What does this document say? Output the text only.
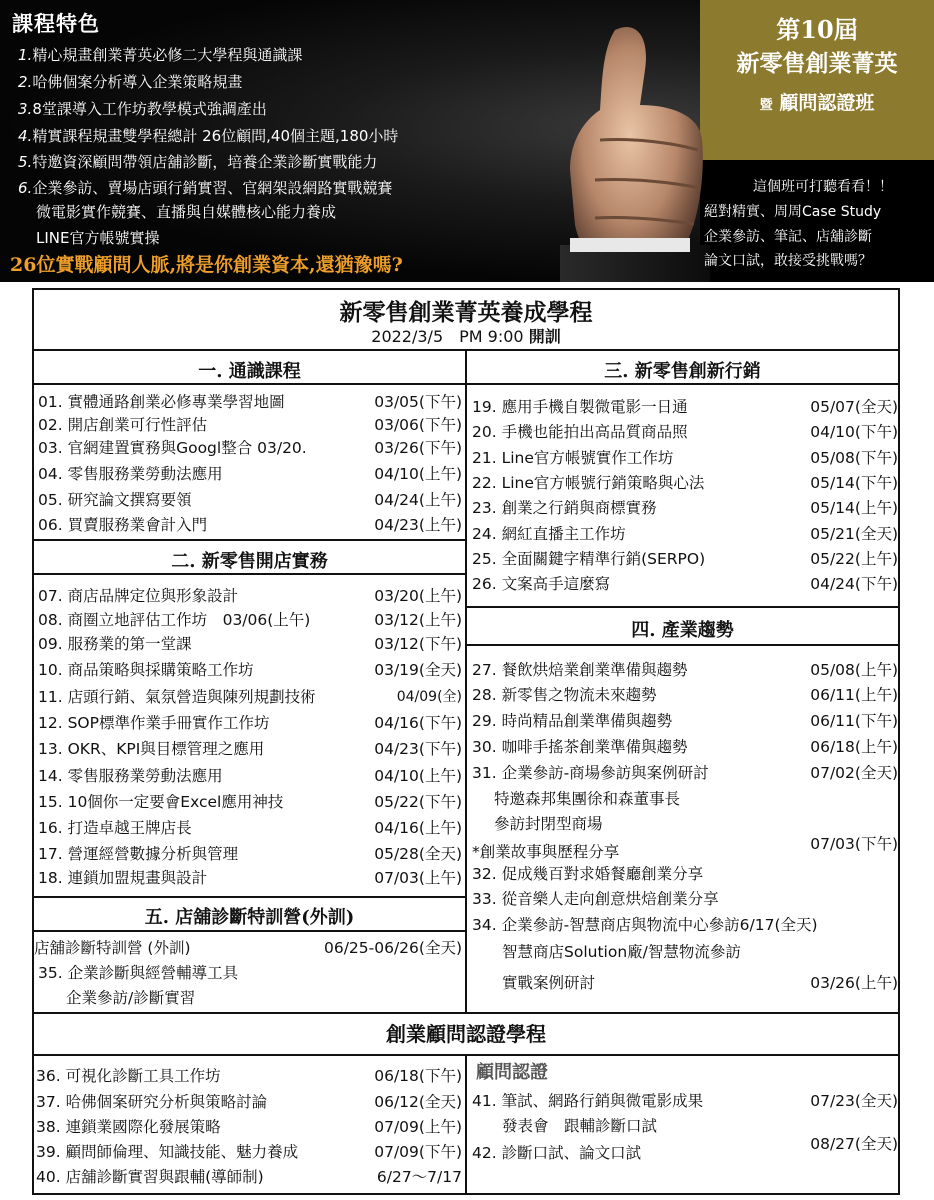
課程特色
1.精心規畫創業菁英必修二大學程與通識課
2.哈佛個案分析導入企業策略規畫
3.8堂課導入工作坊教學模式強調產出
4.精實課程規畫雙學程總計 26位顧問,40個主題,180小時
5.特邀資深顧問帶領店舖診斷，培養企業診斷實戰能力
6.企業參訪、賣場店頭行銷實習、官網架設網路實戰競賽
微電影實作競賽、直播與自媒體核心能力養成
LINE官方帳號實操
26位實戰顧問人脈,將是你創業資本,還猶豫嗎?
第10屆
新零售創業菁英
暨 顧問認證班
這個班可打聽看看！！
絕對精實、周周Case Study
企業參訪、筆記、店舖診斷
論文口試，敢接受挑戰嗎？
新零售創業菁英養成學程
2022/3/5　PM 9:00 開訓
一. 通識課程	三. 新零售創新行銷
01. 實體通路創業必修專業學習地圖	03/05(下午)
02. 開店創業可行性評估	03/06(下午)
03. 官網建置實務與Googl整合 03/20.	03/26(下午)
04. 零售服務業勞動法應用	04/10(上午)
05. 研究論文撰寫要領	04/24(上午)
06. 買賣服務業會計入門	04/23(上午)
二. 新零售開店實務
07. 商店品牌定位與形象設計	03/20(上午)
08. 商圈立地評估工作坊　03/06(上午)	03/12(上午)
09. 服務業的第一堂課	03/12(下午)
10. 商品策略與採購策略工作坊	03/19(全天)
11. 店頭行銷、氣氛營造與陳列規劃技術	04/09(全)
12. SOP標準作業手冊實作工作坊	04/16(下午)
13. OKR、KPI與目標管理之應用	04/23(下午)
14. 零售服務業勞動法應用	04/10(上午)
15. 10個你一定要會Excel應用神技	05/22(下午)
16. 打造卓越王牌店長	04/16(上午)
17. 營運經營數據分析與管理	05/28(全天)
18. 連鎖加盟規畫與設計	07/03(上午)
五. 店舖診斷特訓營(外訓)
店舖診斷特訓營 (外訓)	06/25-06/26(全天)
35. 企業診斷與經營輔導工具
企業參訪/診斷實習
19. 應用手機自製微電影一日通	05/07(全天)
20. 手機也能拍出高品質商品照	04/10(下午)
21. Line官方帳號實作工作坊	05/08(下午)
22. Line官方帳號行銷策略與心法	05/14(下午)
23. 創業之行銷與商標實務	05/14(上午)
24. 網紅直播主工作坊	05/21(全天)
25. 全面關鍵字精準行銷(SERPO)	05/22(上午)
26. 文案高手這麼寫	04/24(下午)
四. 產業趨勢
27. 餐飲烘焙業創業準備與趨勢	05/08(上午)
28. 新零售之物流未來趨勢	06/11(上午)
29. 時尚精品創業準備與趨勢	06/11(下午)
30. 咖啡手搖茶創業準備與趨勢	06/18(上午)
31. 企業參訪-商場參訪與案例研討	07/02(全天)
特邀森邦集團徐和森董事長
參訪封閉型商場
*創業故事與歷程分享	07/03(下午)
32. 促成幾百對求婚餐廳創業分享
33. 從音樂人走向創意烘焙創業分享
34. 企業參訪-智慧商店與物流中心參訪6/17(全天)
智慧商店Solution廠/智慧物流參訪
實戰案例研討	03/26(上午)
創業顧問認證學程
36. 可視化診斷工具工作坊	06/18(下午)
37. 哈佛個案研究分析與策略討論	06/12(全天)
38. 連鎖業國際化發展策略	07/09(上午)
39. 顧問師倫理、知識技能、魅力養成	07/09(下午)
40. 店舖診斷實習與跟輔(導師制)	6/27～7/17
顧問認證
41. 筆試、網路行銷與微電影成果	07/23(全天)
發表會　跟輔診斷口試
42. 診斷口試、論文口試	08/27(全天)
